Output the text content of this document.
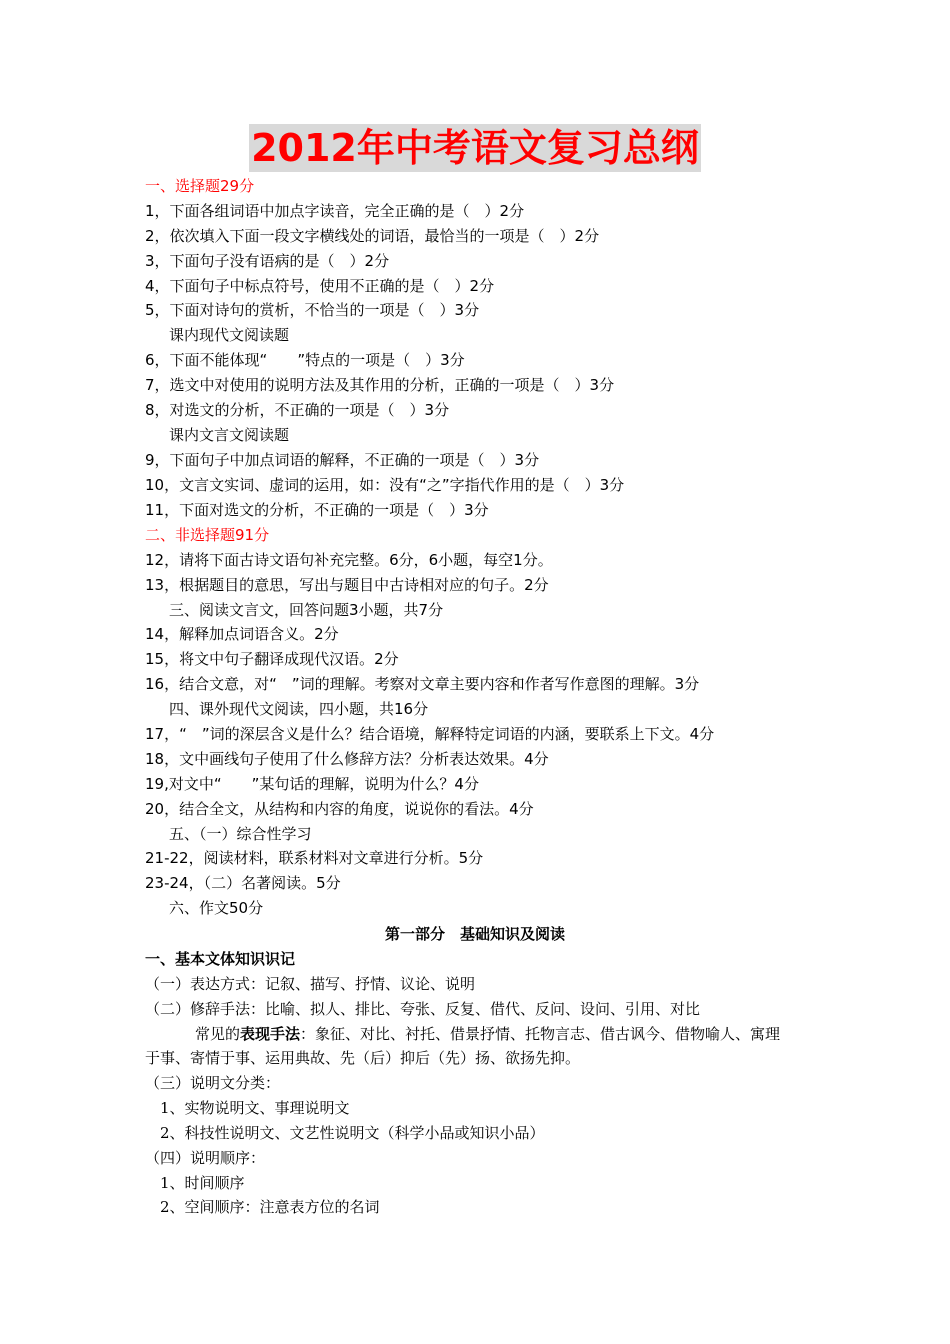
2012年中考语文复习总纲
一、选择题29分
1，下面各组词语中加点字读音，完全正确的是（　）2分
2，依次填入下面一段文字横线处的词语，最恰当的一项是（　）2分
3，下面句子没有语病的是（　）2分
4，下面句子中标点符号，使用不正确的是（　）2分
5，下面对诗句的赏析，不恰当的一项是（　）3分
课内现代文阅读题
6，下面不能体现“　　”特点的一项是（　）3分
7，选文中对使用的说明方法及其作用的分析，正确的一项是（　）3分
8，对选文的分析，不正确的一项是（　）3分
课内文言文阅读题
9，下面句子中加点词语的解释，不正确的一项是（　）3分
10，文言文实词、虚词的运用，如：没有“之”字指代作用的是（　）3分
11，下面对选文的分析，不正确的一项是（　）3分
二、非选择题91分
12，请将下面古诗文语句补充完整。6分，6小题，每空1分。
13，根据题目的意思，写出与题目中古诗相对应的句子。2分
三、阅读文言文，回答问题3小题，共7分
14，解释加点词语含义。2分
15，将文中句子翻译成现代汉语。2分
16，结合文意，对“　”词的理解。考察对文章主要内容和作者写作意图的理解。3分
四、课外现代文阅读，四小题，共16分
17，“　”词的深层含义是什么？结合语境，解释特定词语的内涵，要联系上下文。4分
18，文中画线句子使用了什么修辞方法？分析表达效果。4分
19,对文中“　　”某句话的理解，说明为什么？4分
20，结合全文，从结构和内容的角度，说说你的看法。4分
五、（一）综合性学习
21-22，阅读材料，联系材料对文章进行分析。5分
23-24，（二）名著阅读。5分
六、作文50分
第一部分　基础知识及阅读
一、基本文体知识识记
（一）表达方式：记叙、描写、抒情、议论、说明
（二）修辞手法：比喻、拟人、排比、夸张、反复、借代、反问、设问、引用、对比
常见的表现手法：象征、对比、衬托、借景抒情、托物言志、借古讽今、借物喻人、寓理
于事、寄情于事、运用典故、先（后）抑后（先）扬、欲扬先抑。
（三）说明文分类：
1、实物说明文、事理说明文
2、科技性说明文、文艺性说明文（科学小品或知识小品）
（四）说明顺序：
1、时间顺序
2、空间顺序：注意表方位的名词
